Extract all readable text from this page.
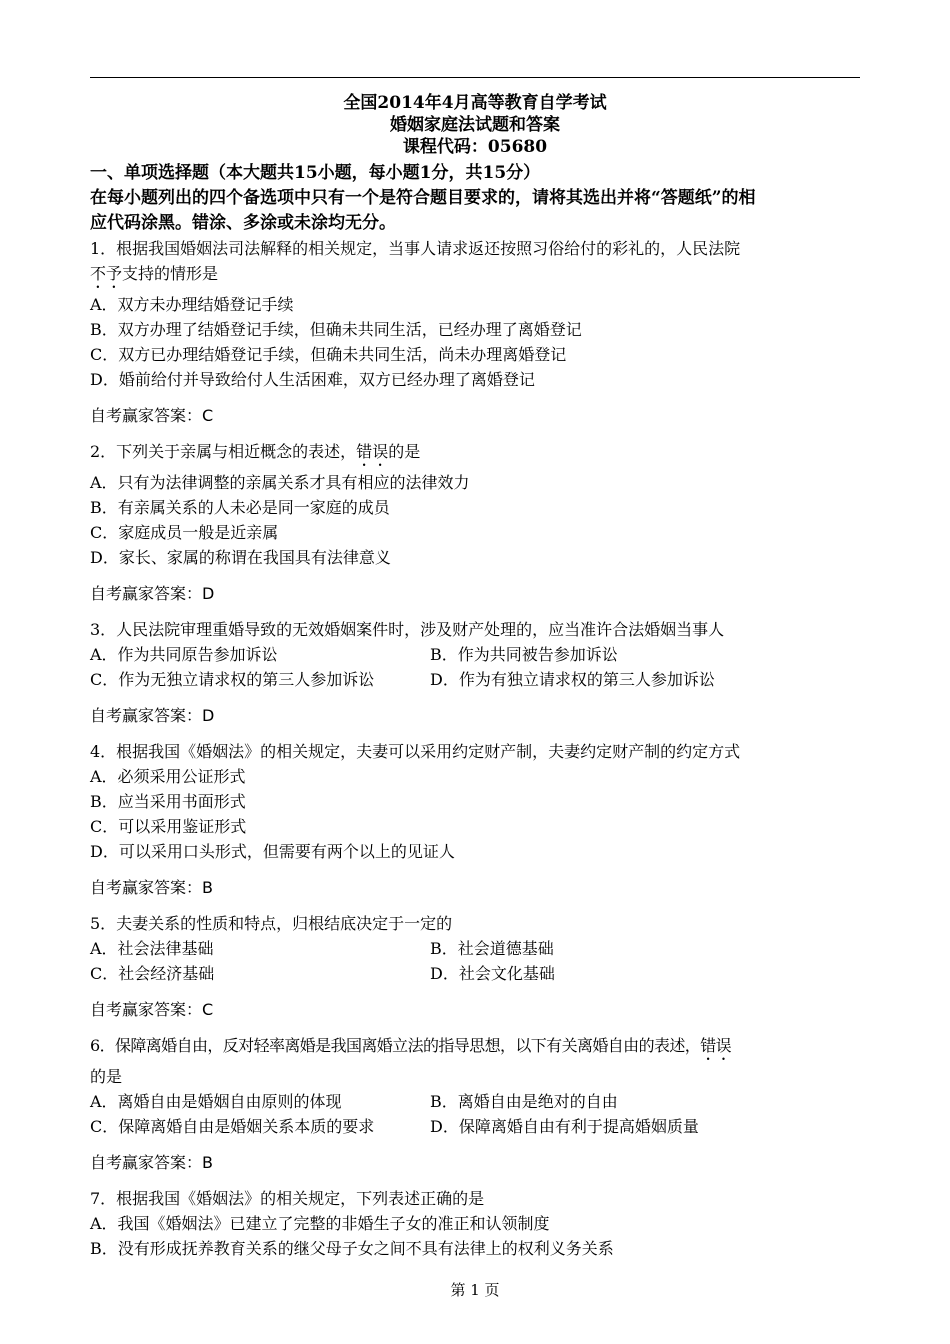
全国2014年4月高等教育自学考试
婚姻家庭法试题和答案
课程代码：05680
一、单项选择题（本大题共15小题，每小题1分，共15分）
在每小题列出的四个备选项中只有一个是符合题目要求的，请将其选出并将“答题纸”的相
应代码涂黑。错涂、多涂或未涂均无分。
1．根据我国婚姻法司法解释的相关规定，当事人请求返还按照习俗给付的彩礼的，人民法院
不予支持的情形是
A．双方未办理结婚登记手续
B．双方办理了结婚登记手续，但确未共同生活，已经办理了离婚登记
C．双方已办理结婚登记手续，但确未共同生活，尚未办理离婚登记
D．婚前给付并导致给付人生活困难，双方已经办理了离婚登记
自考赢家答案：C
2．下列关于亲属与相近概念的表述，错误的是
A．只有为法律调整的亲属关系才具有相应的法律效力
B．有亲属关系的人未必是同一家庭的成员
C．家庭成员一般是近亲属
D．家长、家属的称谓在我国具有法律意义
自考赢家答案：D
3．人民法院审理重婚导致的无效婚姻案件时，涉及财产处理的，应当准许合法婚姻当事人
A．作为共同原告参加诉讼	B．作为共同被告参加诉讼
C．作为无独立请求权的第三人参加诉讼	D．作为有独立请求权的第三人参加诉讼
自考赢家答案：D
4．根据我国《婚姻法》的相关规定，夫妻可以采用约定财产制，夫妻约定财产制的约定方式
A．必须采用公证形式
B．应当采用书面形式
C．可以采用鉴证形式
D．可以采用口头形式，但需要有两个以上的见证人
自考赢家答案：B
5．夫妻关系的性质和特点，归根结底决定于一定的
A．社会法律基础	B．社会道德基础
C．社会经济基础	D．社会文化基础
自考赢家答案：C
6．保障离婚自由，反对轻率离婚是我国离婚立法的指导思想，以下有关离婚自由的表述，错误
的是
A．离婚自由是婚姻自由原则的体现	B．离婚自由是绝对的自由
C．保障离婚自由是婚姻关系本质的要求	D．保障离婚自由有利于提高婚姻质量
自考赢家答案：B
7．根据我国《婚姻法》的相关规定，下列表述正确的是
A．我国《婚姻法》已建立了完整的非婚生子女的准正和认领制度
B．没有形成抚养教育关系的继父母子女之间不具有法律上的权利义务关系
第 1 页
